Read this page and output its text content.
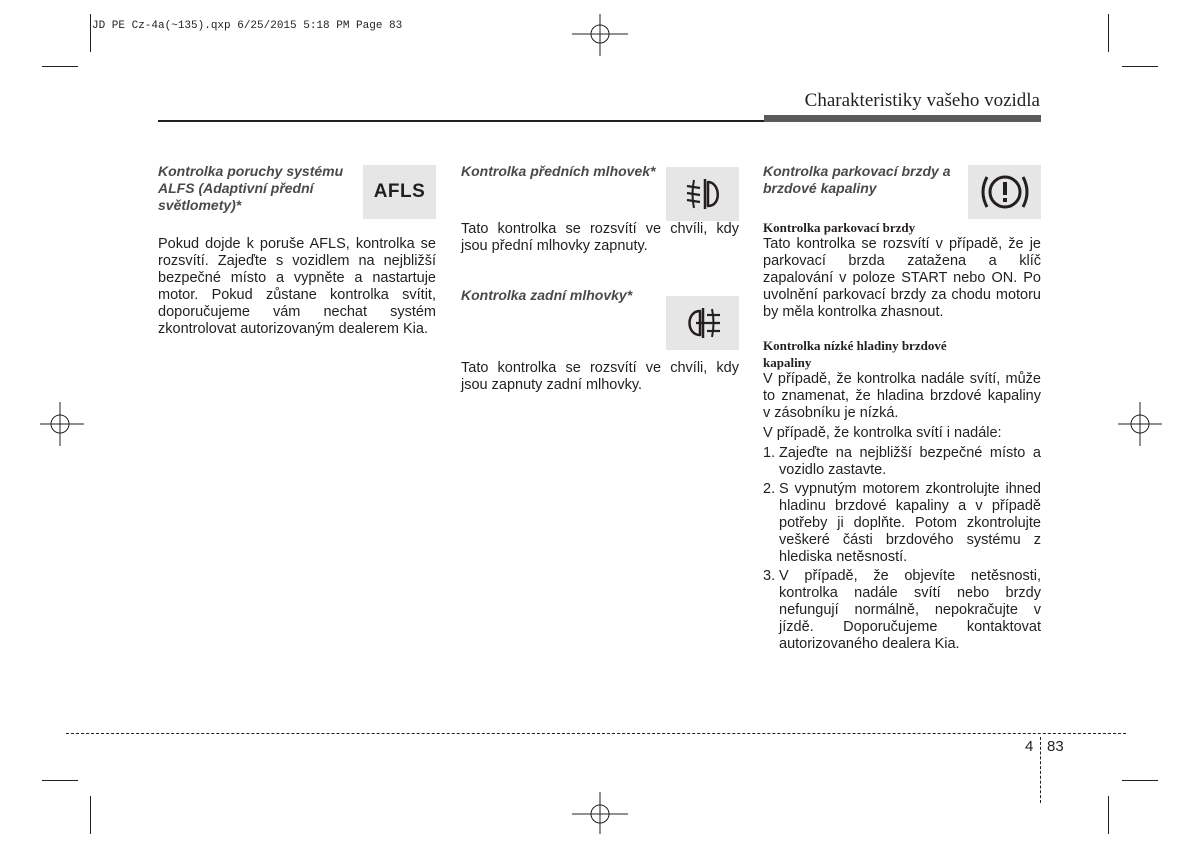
JD PE Cz-4a(~135).qxp 6/25/2015 5:18 PM Page 83
Charakteristiky vašeho vozidla
Kontrolka poruchy systému ALFS (Adaptivní přední světlomety)*
AFLS
Pokud dojde k poruše AFLS, kontrolka se rozsvítí. Zajeďte s vozidlem na nejbližší bezpečné místo a vypněte a nastartuje motor. Pokud zůstane kontrolka svítit, doporučujeme vám nechat systém zkontrolovat autorizovaným dealerem Kia.
Kontrolka předních mlhovek*
Tato kontrolka se rozsvítí ve chvíli, kdy jsou přední mlhovky zapnuty.
Kontrolka zadní mlhovky*
Tato kontrolka se rozsvítí ve chvíli, kdy jsou zapnuty zadní mlhovky.
Kontrolka parkovací brzdy a brzdové kapaliny
Kontrolka parkovací brzdy
Tato kontrolka se rozsvítí v případě, že je parkovací brzda zatažena a klíč zapalování v poloze START nebo ON. Po uvolnění parkovací brzdy za chodu motoru by měla kontrolka zhasnout.
Kontrolka nízké hladiny brzdové kapaliny
V případě, že kontrolka nadále svítí, může to znamenat, že hladina brzdové kapaliny v zásobníku je nízká.
V případě, že kontrolka svítí i nadále:
1. Zajeďte na nejbližší bezpečné místo a vozidlo zastavte.
2. S vypnutým motorem zkontrolujte ihned hladinu brzdové kapaliny a v případě potřeby ji doplňte. Potom zkontrolujte veškeré části brzdového systému z hlediska netěsností.
3. V případě, že objevíte netěsnosti, kontrolka nadále svítí nebo brzdy nefungují normálně, nepokračujte v jízdě. Doporučujeme kontaktovat autorizovaného dealera Kia.
4 83
